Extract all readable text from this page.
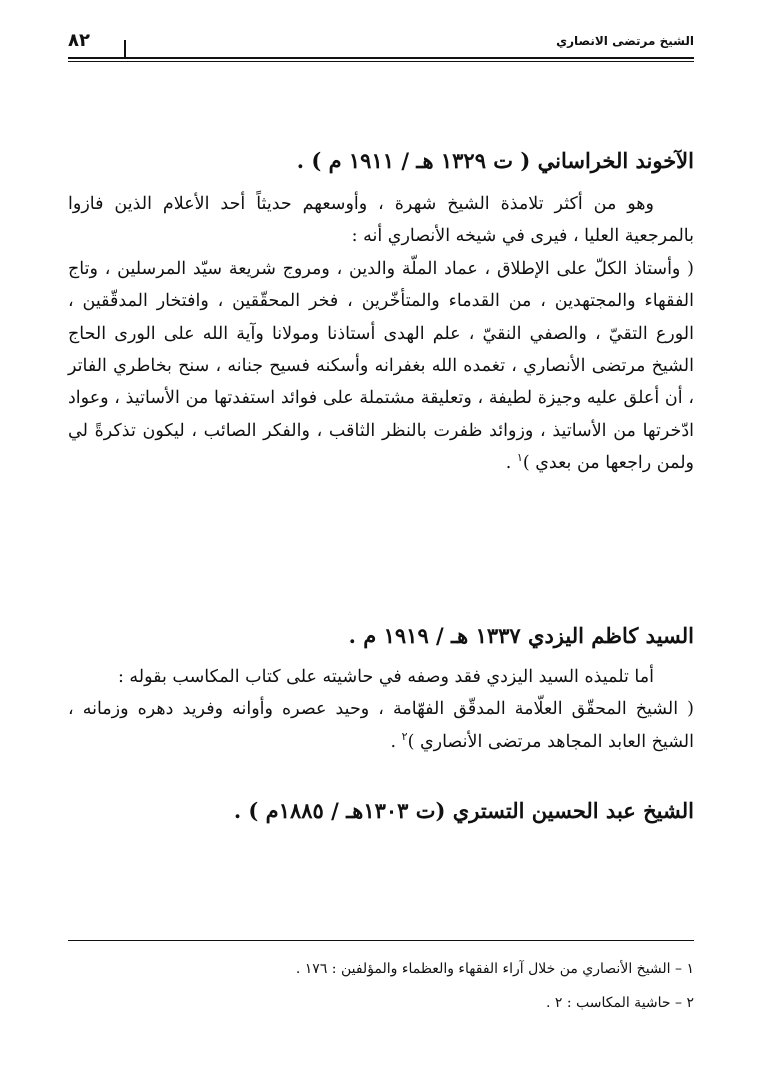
الشيخ مرتضى الانصاري
٨٢
الآخوند الخراساني ( ت ١٣٢٩ هـ / ١٩١١ م ) .

وهو من أكثر تلامذة الشيخ شهرة ، وأوسعهم حديثاً أحد الأعلام الذين فازوا بالمرجعية العليا ، فيرى في شيخه الأنصاري أنه :

( وأستاذ الكلّ على الإطلاق ، عماد الملّة والدين ، ومروج شريعة سيّد المرسلين ، وتاج الفقهاء والمجتهدين ، من القدماء والمتأخّرين ، فخر المحقّقين ، وافتخار المدقّقين ، الورع التقيّ ، والصفي النقيّ ، علم الهدى أستاذنا ومولانا وآية الله على الورى الحاج الشيخ مرتضى الأنصاري ، تغمده الله بغفرانه وأسكنه فسيح جنانه ، سنح بخاطري الفاتر ، أن أعلق عليه وجيزة لطيفة ، وتعليقة مشتملة على فوائد استفدتها من الأساتيذ ، وعواد ادّخرتها من الأساتيذ ، وزوائد ظفرت بالنظر الثاقب ، والفكر الصائب ، ليكون تذكرةً لي ولمن راجعها من بعدي )$^١$ .

السيد كاظم اليزدي ١٣٣٧ هـ / ١٩١٩ م .

أما تلميذه السيد اليزدي فقد وصفه في حاشيته على كتاب المكاسب بقوله :

( الشيخ المحقّق العلّامة المدقّق الفهّامة ، وحيد عصره وأوانه وفريد دهره وزمانه ، الشيخ العابد المجاهد مرتضى الأنصاري )$^٢$ .

الشيخ عبد الحسين التستري (ت ١٣٠٣هـ / ١٨٨٥م ) .

١ – الشيخ الأنصاري من خلال آراء الفقهاء والعظماء والمؤلفين : ١٧٦ .

٢ – حاشية المكاسب : ٢ .
